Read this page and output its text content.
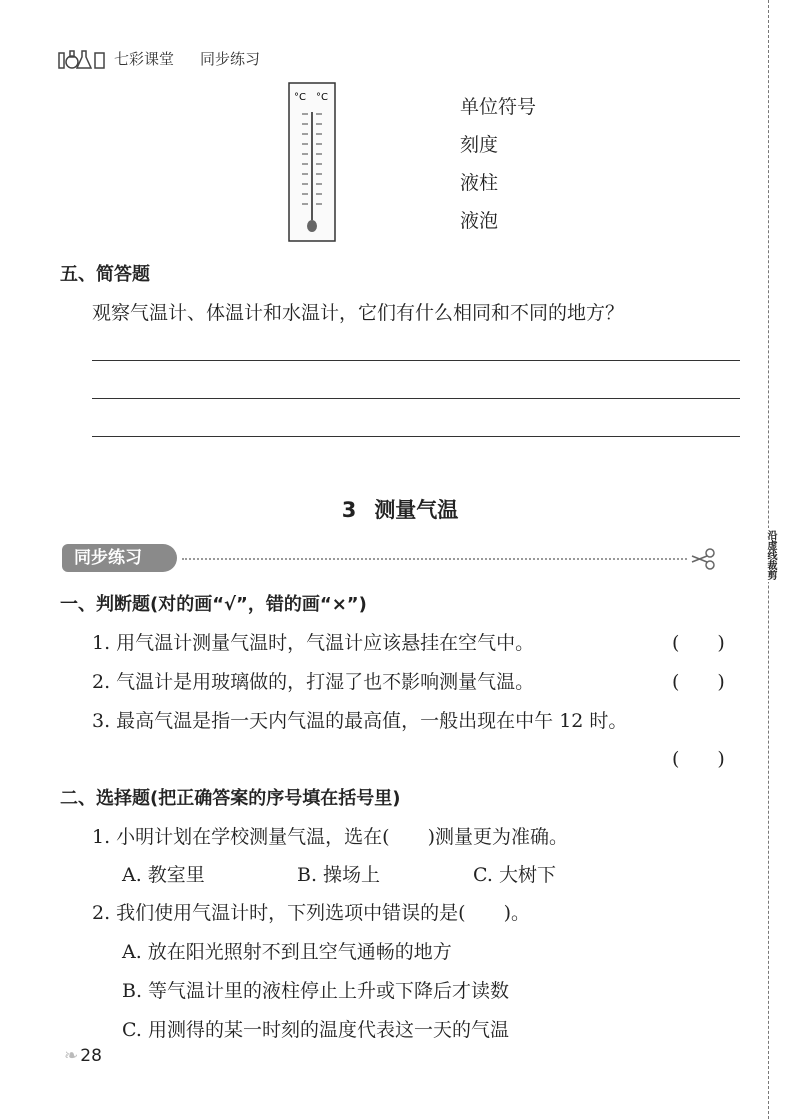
七彩课堂 同步练习
°C °C	单位符号
刻度
液柱
液泡
五、简答题
观察气温计、体温计和水温计，它们有什么相同和不同的地方？
3 测量气温
同步练习	沿虚线裁剪
一、判断题(对的画“√”，错的画“×”)
1. 用气温计测量气温时，气温计应该悬挂在空气中。	(　　)
2. 气温计是用玻璃做的，打湿了也不影响测量气温。	(　　)
3. 最高气温是指一天内气温的最高值，一般出现在中午 12 时。
(　　)
二、选择题(把正确答案的序号填在括号里)
1. 小明计划在学校测量气温，选在(　　)测量更为准确。
A. 教室里	B. 操场上	C. 大树下
2. 我们使用气温计时，下列选项中错误的是(　　)。
A. 放在阳光照射不到且空气通畅的地方
B. 等气温计里的液柱停止上升或下降后才读数
C. 用测得的某一时刻的温度代表这一天的气温
❧ 28
